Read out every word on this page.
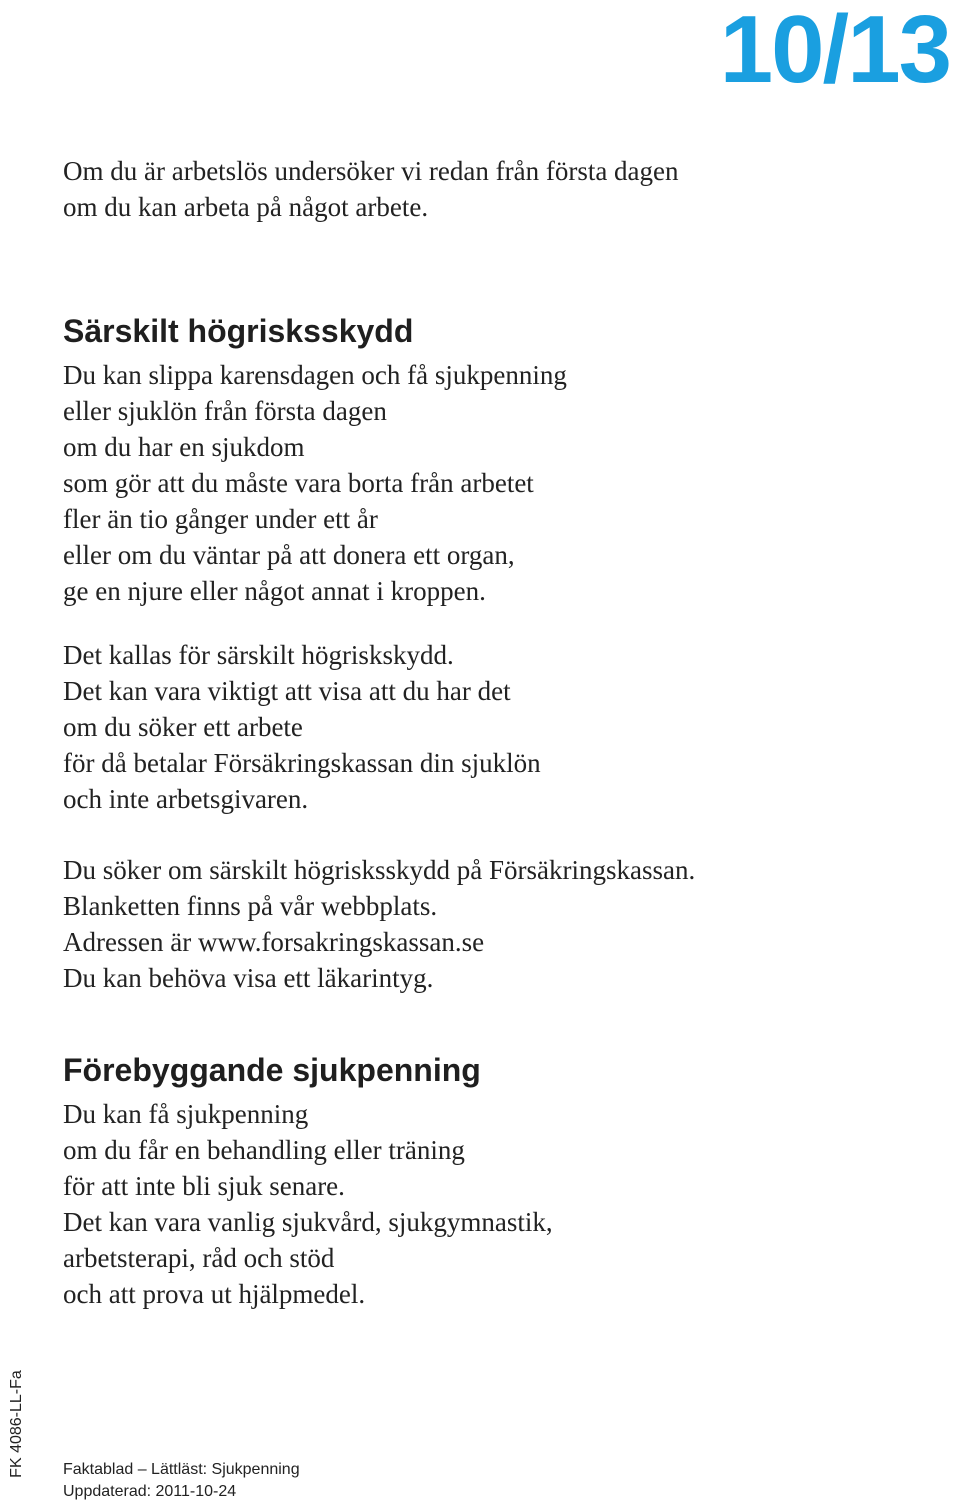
10/13

Om du är arbetslös undersöker vi redan från första dagen
om du kan arbeta på något arbete.

Särskilt högrisksskydd

Du kan slippa karensdagen och få sjukpenning
eller sjuklön från första dagen
om du har en sjukdom
som gör att du måste vara borta från arbetet
fler än tio gånger under ett år
eller om du väntar på att donera ett organ,
ge en njure eller något annat i kroppen.

Det kallas för särskilt högriskskydd.
Det kan vara viktigt att visa att du har det
om du söker ett arbete
för då betalar Försäkringskassan din sjuklön
och inte arbetsgivaren.

Du söker om särskilt högrisksskydd på Försäkringskassan.
Blanketten finns på vår webbplats.
Adressen är www.forsakringskassan.se
Du kan behöva visa ett läkarintyg.

Förebyggande sjukpenning

Du kan få sjukpenning
om du får en behandling eller träning
för att inte bli sjuk senare.
Det kan vara vanlig sjukvård, sjukgymnastik,
arbetsterapi, råd och stöd
och att prova ut hjälpmedel.

FK 4086-LL-Fa Faktablad – Lättläst: Sjukpenning
Uppdaterad: 2011-10-24
